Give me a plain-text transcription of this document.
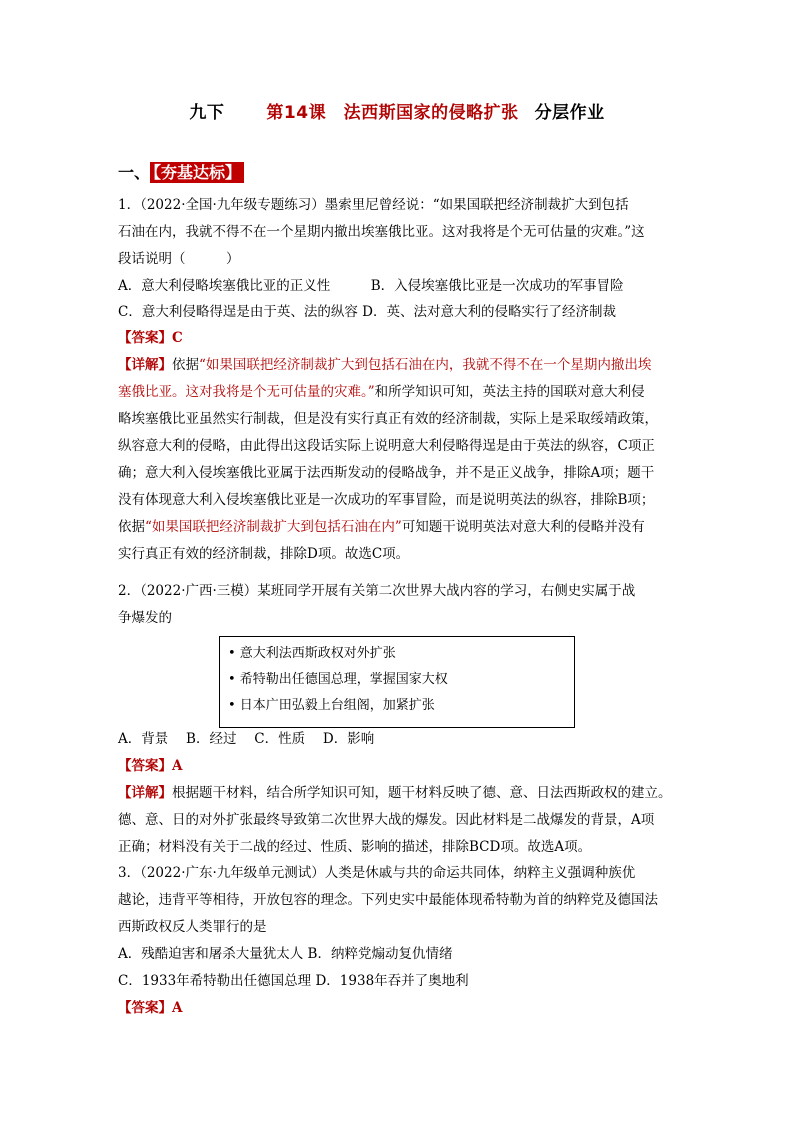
九下 第14课　法西斯国家的侵略扩张 分层作业
一、 【夯基达标】
1．（2022·全国·九年级专题练习）墨索里尼曾经说：“如果国联把经济制裁扩大到包括
石油在内，我就不得不在一个星期内撤出埃塞俄比亚。这对我将是个无可估量的灾难。”这
段话说明（　　　）
A．意大利侵略埃塞俄比亚的正义性　　　B．入侵埃塞俄比亚是一次成功的军事冒险
C．意大利侵略得逞是由于英、法的纵容 D．英、法对意大利的侵略实行了经济制裁
【答案】C
【详解】依据“如果国联把经济制裁扩大到包括石油在内，我就不得不在一个星期内撤出埃
塞俄比亚。这对我将是个无可估量的灾难。”和所学知识可知，英法主持的国联对意大利侵
略埃塞俄比亚虽然实行制裁，但是没有实行真正有效的经济制裁，实际上是采取绥靖政策，
纵容意大利的侵略，由此得出这段话实际上说明意大利侵略得逞是由于英法的纵容，C项正
确；意大利入侵埃塞俄比亚属于法西斯发动的侵略战争，并不是正义战争，排除A项；题干
没有体现意大利入侵埃塞俄比亚是一次成功的军事冒险，而是说明英法的纵容，排除B项；
依据“如果国联把经济制裁扩大到包括石油在内”可知题干说明英法对意大利的侵略并没有
实行真正有效的经济制裁，排除D项。故选C项。
2．（2022·广西·三模）某班同学开展有关第二次世界大战内容的学习，右侧史实属于战
争爆发的
• 意大利法西斯政权对外扩张
• 希特勒出任德国总理，掌握国家大权
• 日本广田弘毅上台组阁，加紧扩张
A．背景　 B．经过　 C．性质　 D．影响
【答案】A
【详解】根据题干材料，结合所学知识可知，题干材料反映了德、意、日法西斯政权的建立。
德、意、日的对外扩张最终导致第二次世界大战的爆发。因此材料是二战爆发的背景，A项
正确；材料没有关于二战的经过、性质、影响的描述，排除BCD项。故选A项。
3．（2022·广东·九年级单元测试）人类是休戚与共的命运共同体，纳粹主义强调种族优
越论，违背平等相待，开放包容的理念。下列史实中最能体现希特勒为首的纳粹党及德国法
西斯政权反人类罪行的是
A．残酷迫害和屠杀大量犹太人 B．纳粹党煽动复仇情绪
C．1933年希特勒出任德国总理 D．1938年吞并了奥地利
【答案】A
